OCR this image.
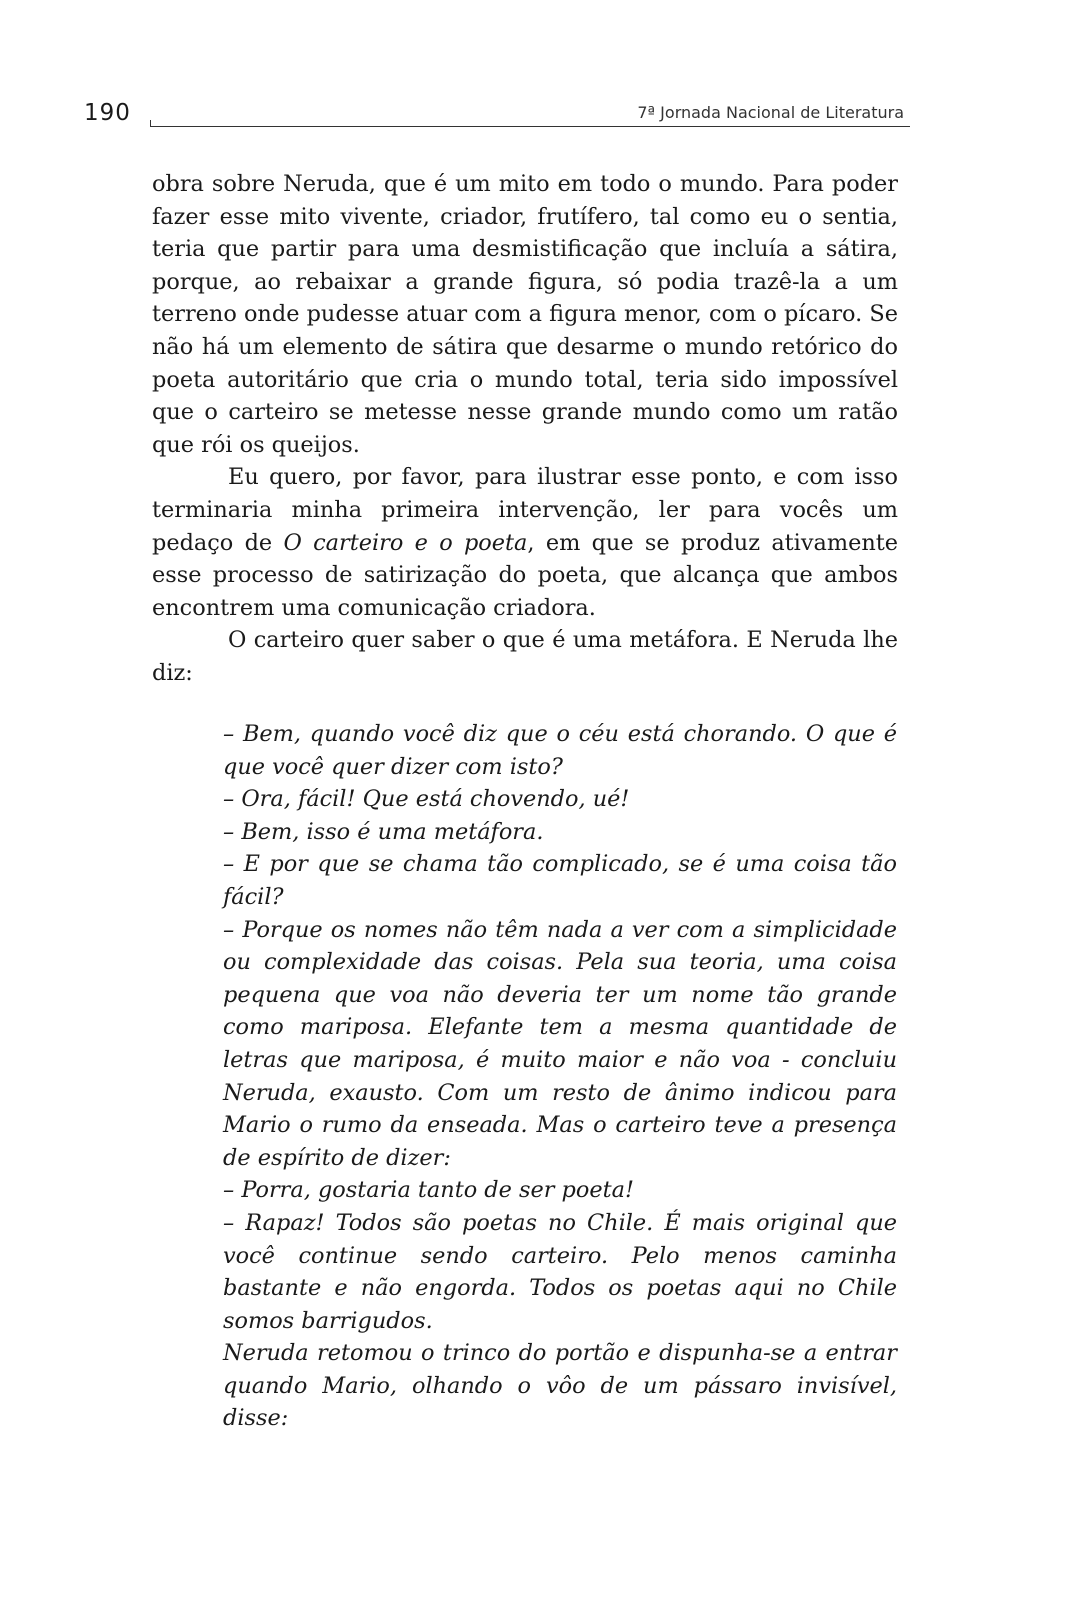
190	7ª Jornada Nacional de Literatura

obra sobre Neruda, que é um mito em todo o mundo. Para poder fazer esse mito vivente, criador, frutífero, tal como eu o sentia, teria que partir para uma desmistificação que incluía a sátira, porque, ao rebaixar a grande figura, só podia trazê-la a um terreno onde pudesse atuar com a figura menor, com o pícaro. Se não há um elemento de sátira que desarme o mundo retórico do poeta autoritário que cria o mundo total, teria sido impossível que o carteiro se metesse nesse grande mundo como um ratão que rói os queijos.

Eu quero, por favor, para ilustrar esse ponto, e com isso terminaria minha primeira intervenção, ler para vocês um pedaço de O carteiro e o poeta, em que se produz ativamente esse processo de satirização do poeta, que alcança que ambos encontrem uma comunicação criadora.

O carteiro quer saber o que é uma metáfora. E Neruda lhe diz:

– Bem, quando você diz que o céu está chorando. O que é que você quer dizer com isto?

– Ora, fácil! Que está chovendo, ué!

– Bem, isso é uma metáfora.

– E por que se chama tão complicado, se é uma coisa tão fácil?

– Porque os nomes não têm nada a ver com a simplicidade ou complexidade das coisas. Pela sua teoria, uma coisa pequena que voa não deveria ter um nome tão grande como mariposa. Elefante tem a mesma quantidade de letras que mariposa, é muito maior e não voa - concluiu Neruda, exausto. Com um resto de ânimo indicou para Mario o rumo da enseada. Mas o carteiro teve a presença de espírito de dizer:

– Porra, gostaria tanto de ser poeta!

– Rapaz! Todos são poetas no Chile. É mais original que você continue sendo carteiro. Pelo menos caminha bastante e não engorda. Todos os poetas aqui no Chile somos barrigudos.

Neruda retomou o trinco do portão e dispunha-se a entrar quando Mario, olhando o vôo de um pássaro invisível, disse:
